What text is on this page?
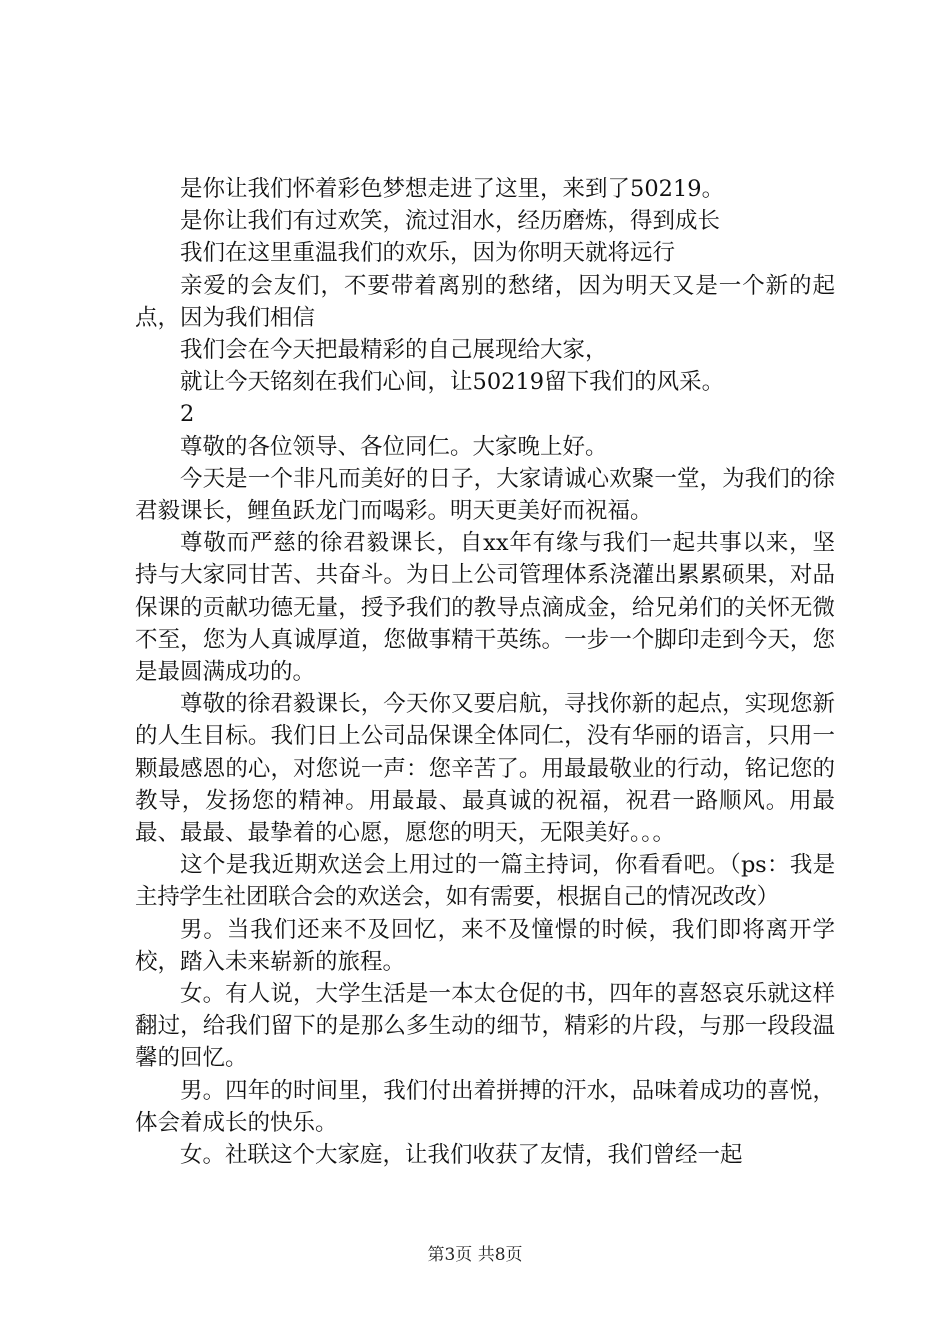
是你让我们怀着彩色梦想走进了这里，来到了50219。

是你让我们有过欢笑，流过泪水，经历磨炼，得到成长

我们在这里重温我们的欢乐，因为你明天就将远行

亲爱的会友们，不要带着离别的愁绪，因为明天又是一个新的起点，因为我们相信

我们会在今天把最精彩的自己展现给大家，

就让今天铭刻在我们心间，让50219留下我们的风采。

2

尊敬的各位领导、各位同仁。大家晚上好。

今天是一个非凡而美好的日子，大家请诚心欢聚一堂，为我们的徐君毅课长，鲤鱼跃龙门而喝彩。明天更美好而祝福。

尊敬而严慈的徐君毅课长，自xx年有缘与我们一起共事以来，坚持与大家同甘苦、共奋斗。为日上公司管理体系浇灌出累累硕果，对品保课的贡献功德无量，授予我们的教导点滴成金，给兄弟们的关怀无微不至，您为人真诚厚道，您做事精干英练。一步一个脚印走到今天，您是最圆满成功的。

尊敬的徐君毅课长，今天你又要启航，寻找你新的起点，实现您新的人生目标。我们日上公司品保课全体同仁，没有华丽的语言，只用一颗最感恩的心，对您说一声：您辛苦了。用最最敬业的行动，铭记您的教导，发扬您的精神。用最最、最真诚的祝福，祝君一路顺风。用最最、最最、最挚着的心愿，愿您的明天，无限美好。。。

这个是我近期欢送会上用过的一篇主持词，你看看吧。（ps：我是主持学生社团联合会的欢送会，如有需要，根据自己的情况改改）

男。当我们还来不及回忆，来不及憧憬的时候，我们即将离开学校，踏入未来崭新的旅程。

女。有人说，大学生活是一本太仓促的书，四年的喜怒哀乐就这样翻过，给我们留下的是那么多生动的细节，精彩的片段，与那一段段温馨的回忆。

男。四年的时间里，我们付出着拼搏的汗水，品味着成功的喜悦，体会着成长的快乐。

女。社联这个大家庭，让我们收获了友情，我们曾经一起

第3页 共8页
